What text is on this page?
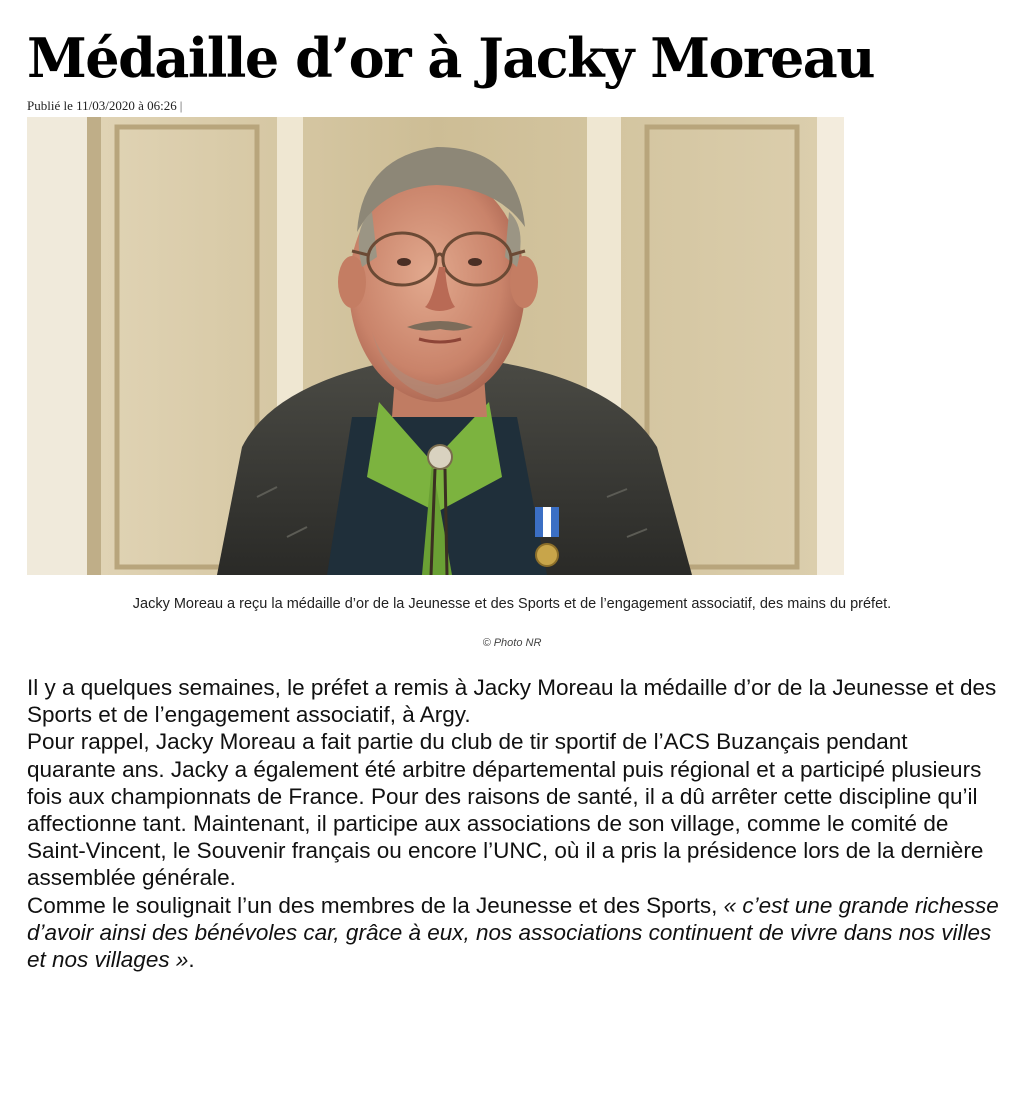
Médaille d’or à Jacky Moreau
Publié le 11/03/2020 à 06:26 |
Jacky Moreau a reçu la médaille d’or de la Jeunesse et des Sports et de l’engagement associatif, des mains du préfet.
© Photo NR

Il y a quelques semaines, le préfet a remis à Jacky Moreau la médaille d’or de la Jeunesse et des Sports et de l’engagement associatif, à Argy.

Pour rappel, Jacky Moreau a fait partie du club de tir sportif de l’ACS Buzançais pendant quarante ans. Jacky a également été arbitre départemental puis régional et a participé plusieurs fois aux championnats de France. Pour des raisons de santé, il a dû arrêter cette discipline qu’il affectionne tant. Maintenant, il participe aux associations de son village, comme le comité de Saint-Vincent, le Souvenir français ou encore l’UNC, où il a pris la présidence lors de la dernière assemblée générale.

Comme le soulignait l’un des membres de la Jeunesse et des Sports, « c’est une grande richesse d’avoir ainsi des bénévoles car, grâce à eux, nos associations continuent de vivre dans nos villes et nos villages ».
